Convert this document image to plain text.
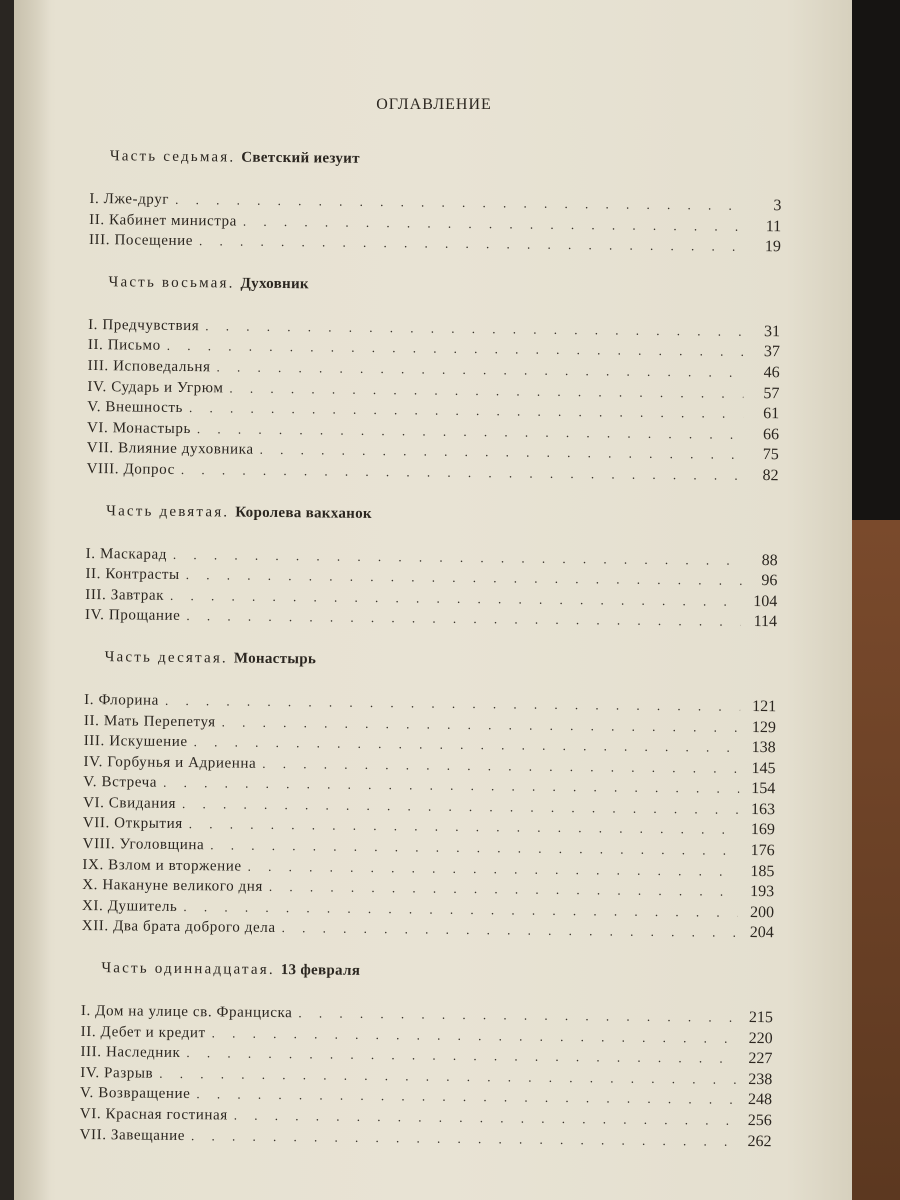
ОГЛАВЛЕНИЕ
Часть седьмая. Светский иезуит
I. Лже-друг . . .	3
II. Кабинет министра . . .	11
III. Посещение . . .	19
Часть восьмая. Духовник
I. Предчувствия . . .	31
II. Письмо . . .	37
III. Исповедальня . . .	46
IV. Сударь и Угрюм . . .	57
V. Внешность . . .	61
VI. Монастырь . . .	66
VII. Влияние духовника . . .	75
VIII. Допрос . . .	82
Часть девятая. Королева вакханок
I. Маскарад . . .	88
II. Контрасты . . .	96
III. Завтрак . . .	104
IV. Прощание . . .	114
Часть десятая. Монастырь
I. Флорина . . .	121
II. Мать Перепетуя . . .	129
III. Искушение . . .	138
IV. Горбунья и Адриенна . . .	145
V. Встреча . . .	154
VI. Свидания . . .	163
VII. Открытия . . .	169
VIII. Уголовщина . . .	176
IX. Взлом и вторжение . . .	185
X. Накануне великого дня . . .	193
XI. Душитель . . .	200
XII. Два брата доброго дела . . .	204
Часть одиннадцатая. 13 февраля
I. Дом на улице св. Франциска . . .	215
II. Дебет и кредит . . .	220
III. Наследник . . .	227
IV. Разрыв . . .	238
V. Возвращение . . .	248
VI. Красная гостиная . . .	256
VII. Завещание . . .	262
